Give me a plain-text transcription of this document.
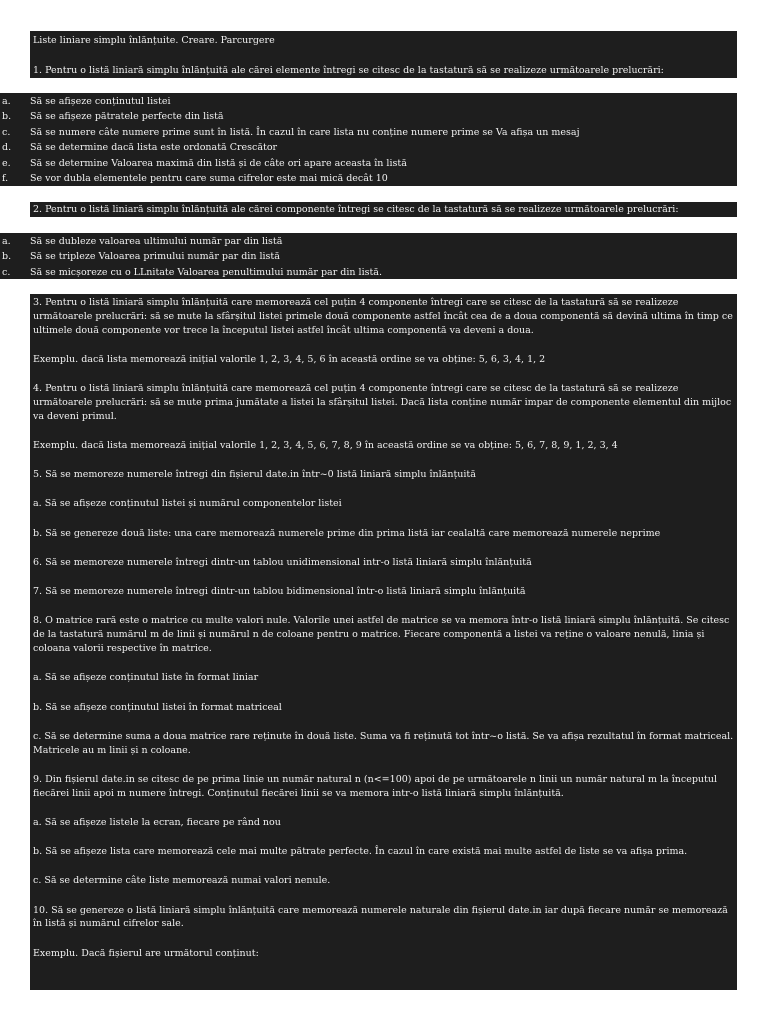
Liste liniare simplu înlănțuite. Creare. Parcurgere
1. Pentru o listă liniară simplu înlănțuită ale cărei elemente întregi se citesc de la tastatură să se realizeze următoarele prelucrări:
a.	Să se afișeze conținutul listei
b.	Să se afișeze pătratele perfecte din listă
c.	Să se numere câte numere prime sunt în listă. În cazul în care lista nu conține numere prime se Va afișa un mesaj
d.	Să se determine dacă lista este ordonată Crescător
e.	Să se determine Valoarea maximă din listă și de câte ori apare aceasta în listă
f.	Se vor dubla elementele pentru care suma cifrelor este mai mică decât 10
2. Pentru o listă liniară simplu înlănțuită ale cărei componente întregi se citesc de la tastatură să se realizeze următoarele prelucrări:
a.	Să se dubleze valoarea ultimului număr par din listă
b.	Să se tripleze Valoarea primului număr par din listă
c.	Să se micșoreze cu o LLnitate Valoarea penultimului număr par din listă.

3. Pentru o listă liniară simplu înlănțuită care memorează cel puțin 4 componente întregi care se citesc de la tastatură să se realizeze următoarele prelucrări: să se mute la sfârșitul listei primele două componente astfel încât cea de a doua componentă să devină ultima în timp ce ultimele două componente vor trece la începutul listei astfel încât ultima componentă va deveni a doua.

Exemplu. dacă lista memorează inițial valorile 1, 2, 3, 4, 5, 6 în această ordine se va obține: 5, 6, 3, 4, 1, 2

4. Pentru o listă liniară simplu înlănțuită care memorează cel puțin 4 componente întregi care se citesc de la tastatură să se realizeze următoarele prelucrări: să se mute prima jumătate a listei la sfârșitul listei. Dacă lista conține număr impar de componente elementul din mijloc va deveni primul.

Exemplu. dacă lista memorează inițial valorile 1, 2, 3, 4, 5, 6, 7, 8, 9 în această ordine se va obține: 5, 6, 7, 8, 9, 1, 2, 3, 4

5. Să se memoreze numerele întregi din fișierul date.in într~0 listă liniară simplu înlănțuită

a. Să se afișeze conținutul listei și numărul componentelor listei

b. Să se genereze două liste: una care memorează numerele prime din prima listă iar cealaltă care memorează numerele neprime

6. Să se memoreze numerele întregi dintr-un tablou unidimensional intr-o listă liniară simplu înlănțuită

7. Să se memoreze numerele întregi dintr-un tablou bidimensional într-o listă liniară simplu înlănțuită

8. O matrice rară este o matrice cu multe valori nule. Valorile unei astfel de matrice se va memora într-o listă liniară simplu înlănțuită. Se citesc de la tastatură numărul m de linii și numărul n de coloane pentru o matrice. Fiecare componentă a listei va reține o valoare nenulă, linia și coloana valorii respective în matrice.

a. Să se afișeze conținutul liste în format liniar

b. Să se afișeze conținutul listei în format matriceal

c. Să se determine suma a doua matrice rare reținute în două liste. Suma va fi reținută tot într~o listă. Se va afișa rezultatul în format matriceal. Matricele au m linii și n coloane.

9. Din fișierul date.in se citesc de pe prima linie un număr natural n (n<=100) apoi de pe următoarele n linii un număr natural m la începutul fiecărei linii apoi m numere întregi. Conținutul fiecărei linii se va memora intr-o listă liniară simplu înlănțuită.

a. Să se afișeze listele la ecran, fiecare pe rând nou

b. Să se afișeze lista care memorează cele mai multe pătrate perfecte. În cazul în care există mai multe astfel de liste se va afișa prima.

c. Să se determine câte liste memorează numai valori nenule.

10. Să se genereze o listă liniară simplu înlănțuită care memorează numerele naturale din fișierul date.in iar după fiecare număr se memorează în listă și numărul cifrelor sale.

Exemplu. Dacă fișierul are următorul conținut:
